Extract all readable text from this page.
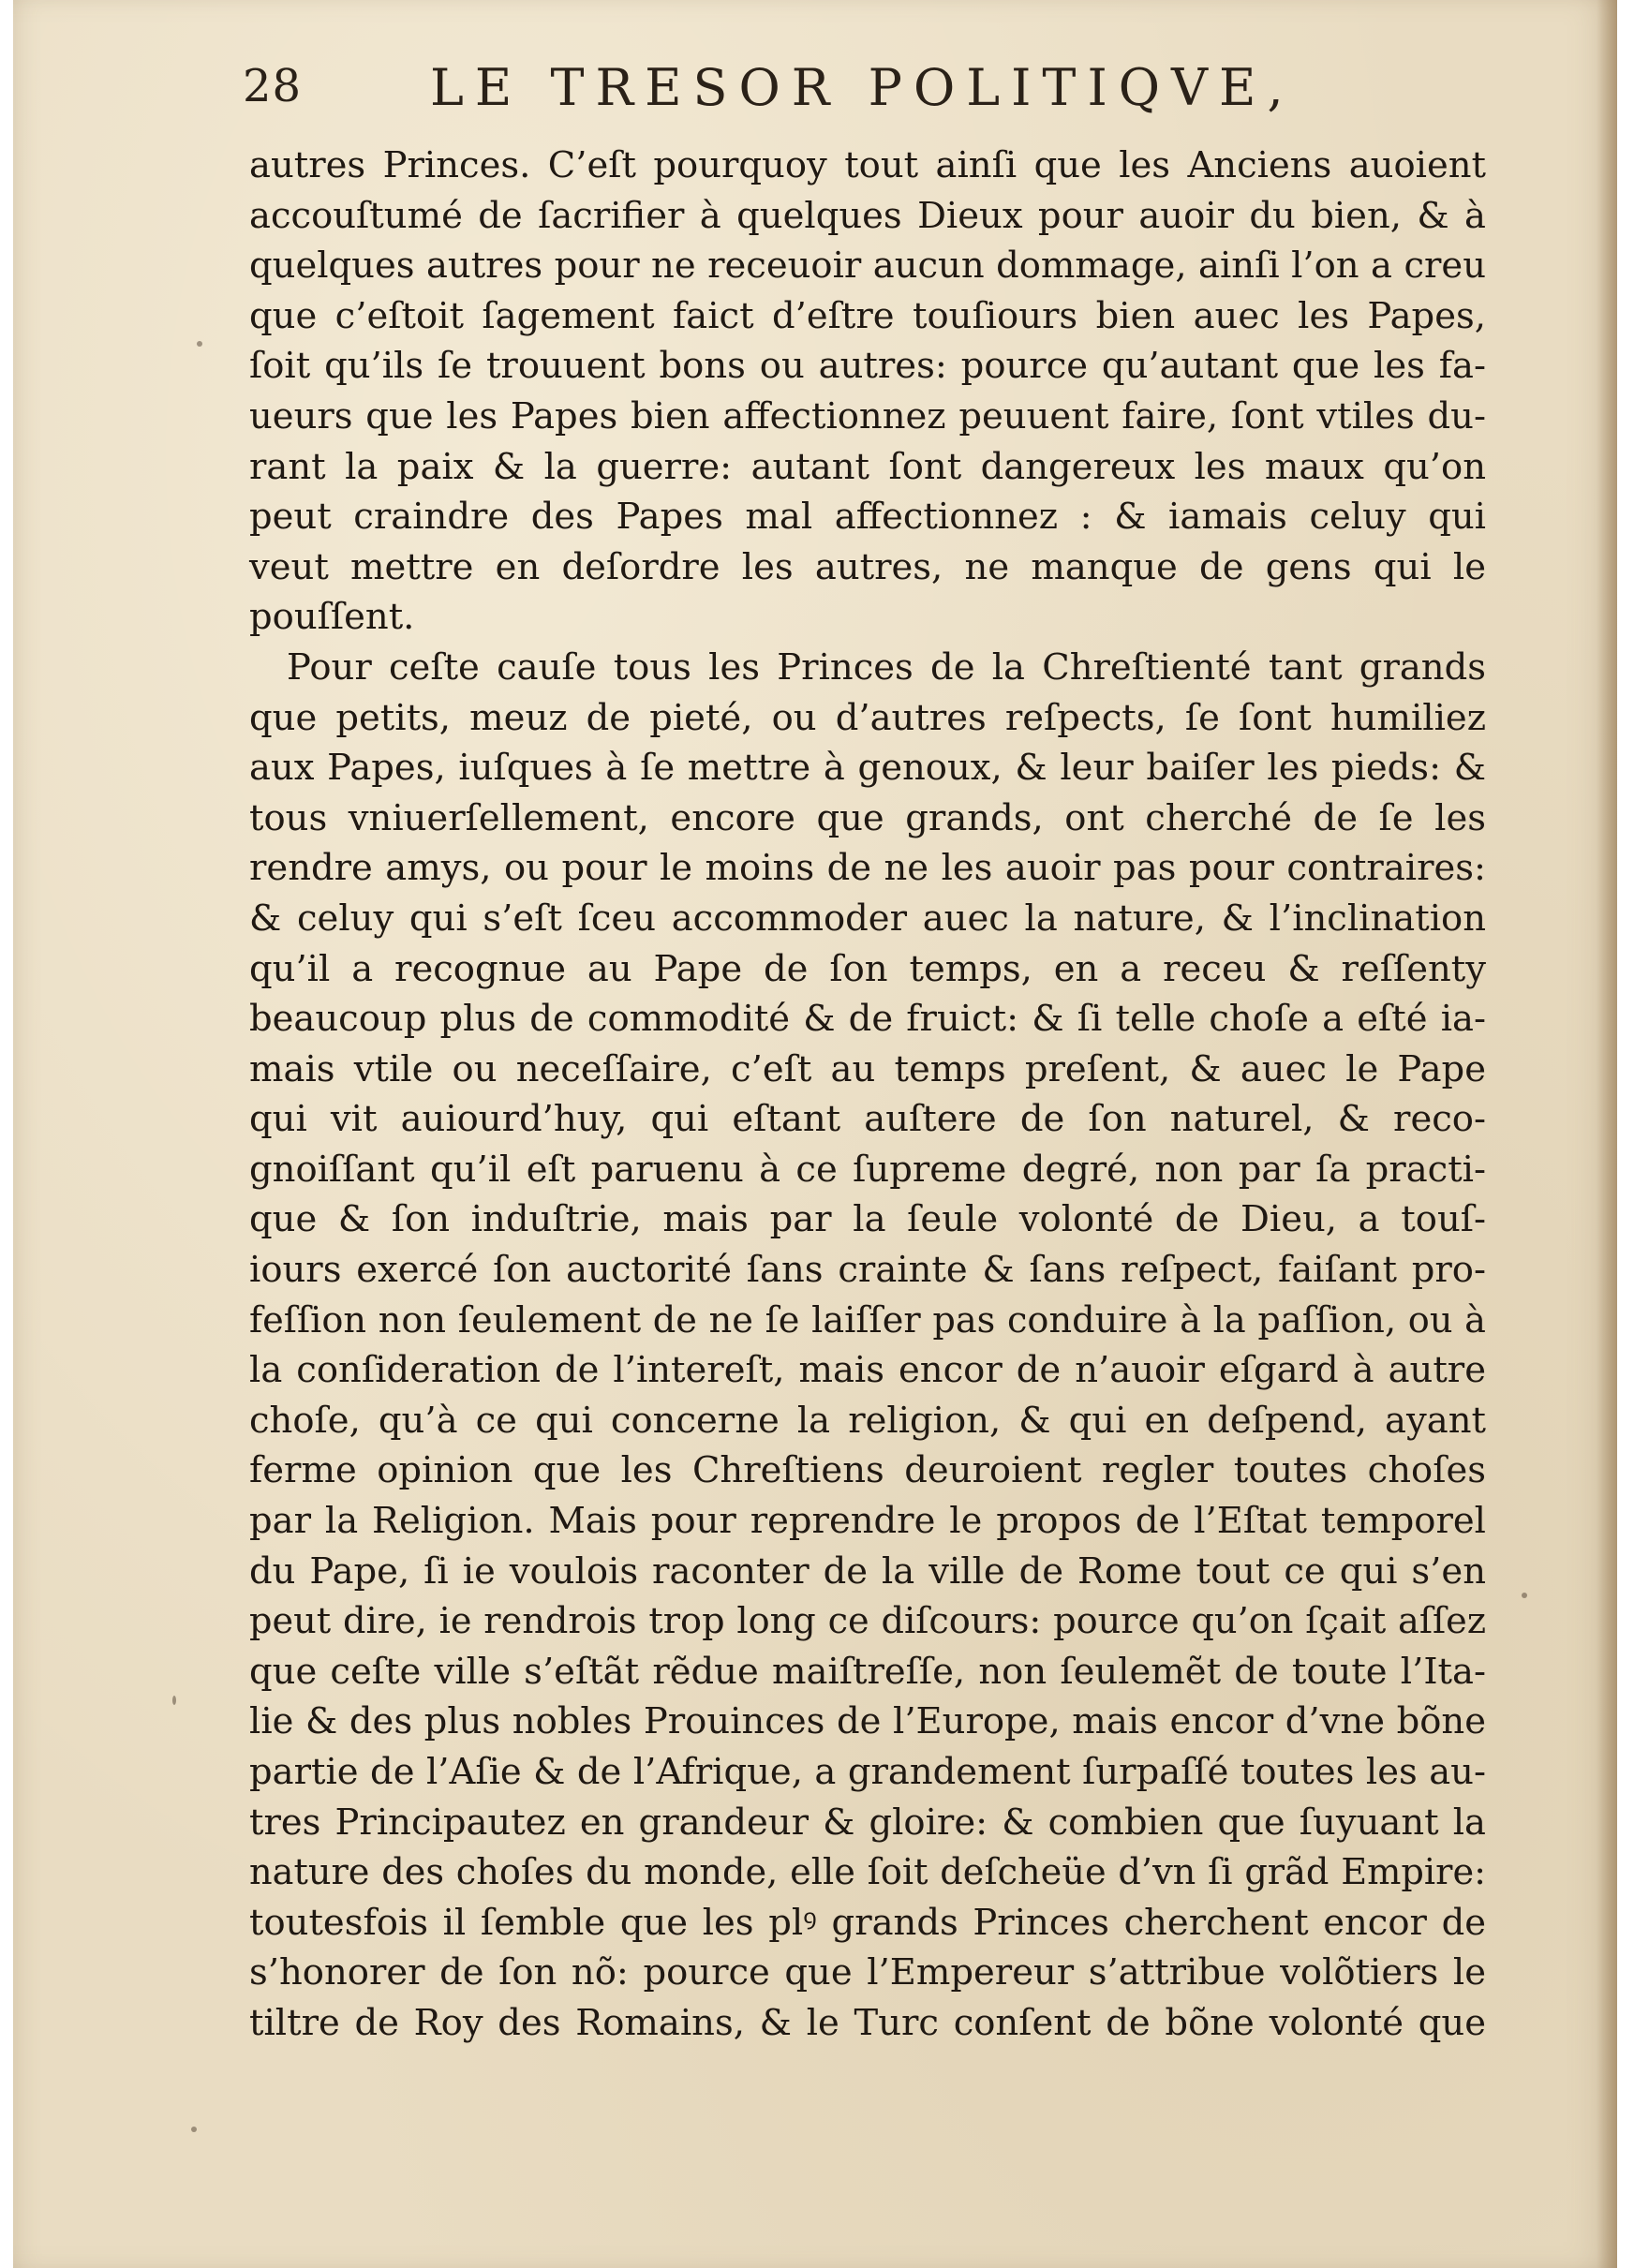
28	LE TRESOR POLITIQVE,
autres Princes. C’eſt pourquoy tout ainſi que les Anciens auoient
accouſtumé de ſacrifier à quelques Dieux pour auoir du bien, & à
quelques autres pour ne receuoir aucun dommage, ainſi l’on a creu
que c’eſtoit ſagement faict d’eſtre touſiours bien auec les Papes,
ſoit qu’ils ſe trouuent bons ou autres: pource qu’autant que les fa-
ueurs que les Papes bien affectionnez peuuent faire, ſont vtiles du-
rant la paix & la guerre: autant ſont dangereux les maux qu’on
peut craindre des Papes mal affectionnez : & iamais celuy qui
veut mettre en deſordre les autres, ne manque de gens qui le
pouſſent.
Pour ceſte cauſe tous les Princes de la Chreſtienté tant grands
que petits, meuz de pieté, ou d’autres reſpects, ſe ſont humiliez
aux Papes, iuſques à ſe mettre à genoux, & leur baiſer les pieds: &
tous vniuerſellement, encore que grands, ont cherché de ſe les
rendre amys, ou pour le moins de ne les auoir pas pour contraires:
& celuy qui s’eſt ſceu accommoder auec la nature, & l’inclination
qu’il a recognue au Pape de ſon temps, en a receu & reſſenty
beaucoup plus de commodité & de fruict: & ſi telle choſe a eſté ia-
mais vtile ou neceſſaire, c’eſt au temps preſent, & auec le Pape
qui vit auiourd’huy, qui eſtant auſtere de ſon naturel, & reco-
gnoiſſant qu’il eſt paruenu à ce ſupreme degré, non par ſa practi-
que & ſon induſtrie, mais par la ſeule volonté de Dieu, a touſ-
iours exercé ſon auctorité ſans crainte & ſans reſpect, faiſant pro-
feſſion non ſeulement de ne ſe laiſſer pas conduire à la paſſion, ou à
la conſideration de l’intereſt, mais encor de n’auoir eſgard à autre
choſe, qu’à ce qui concerne la religion, & qui en deſpend, ayant
ferme opinion que les Chreſtiens deuroient regler toutes choſes
par la Religion. Mais pour reprendre le propos de l’Eſtat temporel
du Pape, ſi ie voulois raconter de la ville de Rome tout ce qui s’en
peut dire, ie rendrois trop long ce diſcours: pource qu’on ſçait aſſez
que ceſte ville s’eſtãt rẽdue maiſtreſſe, non ſeulemẽt de toute l’Ita-
lie & des plus nobles Prouinces de l’Europe, mais encor d’vne bõne
partie de l’Aſie & de l’Afrique, a grandement ſurpaſſé toutes les au-
tres Principautez en grandeur & gloire: & combien que ſuyuant la
nature des choſes du monde, elle ſoit deſcheüe d’vn ſi grãd Empire:
toutesfois il ſemble que les plꝰ grands Princes cherchent encor de
s’honorer de ſon nõ: pource que l’Empereur s’attribue volõtiers le
tiltre de Roy des Romains, & le Turc conſent de bõne volonté que
